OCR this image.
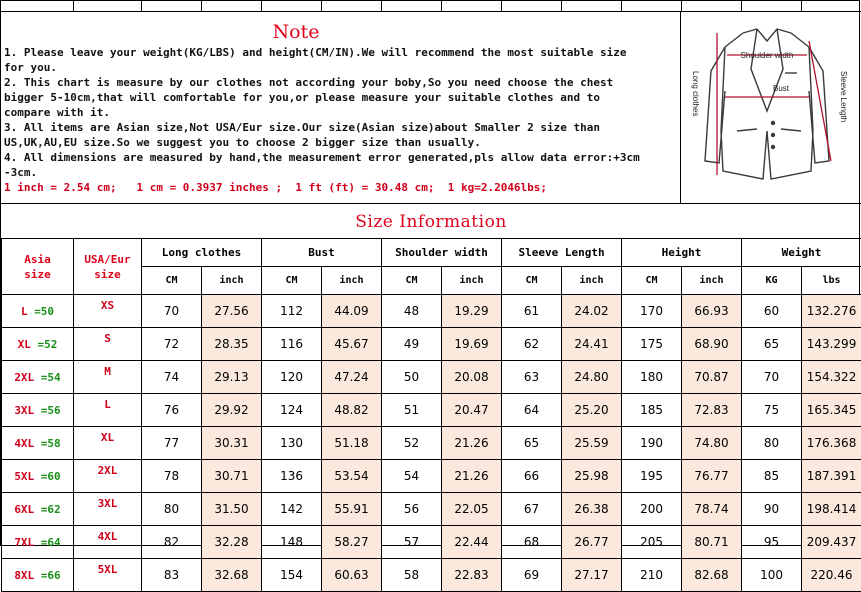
Note
1. Please leave your weight(KG/LBS) and height(CM/IN).We will recommend the most suitable size
for you.
2. This chart is measure by our clothes not according your boby,So you need choose the chest
bigger 5-10cm,that will comfortable for you,or please measure your suitable clothes and to
compare with it.
3. All items are Asian size,Not USA/Eur size.Our size(Asian size)about Smaller 2 size than
US,UK,AU,EU size.So we suggest you to choose 2 bigger size than usually.
4. All dimensions are measured by hand,the measurement error generated,pls allow data error:+3cm
-3cm.
1 inch = 2.54 cm;   1 cm = 0.3937 inches ;  1 ft (ft) = 30.48 cm;  1 kg=2.2046lbs;
Shoulder width
Bust
Long clothes	Sleeve Length
Size Information
Asia size	USA/Eur size	Long clothes		Bust		Shoulder width		Sleeve Length		Height		Weight	
		CM	inch	CM	inch	CM	inch	CM	inch	CM	inch	KG	lbs
L =50	XS	70	27.56	112	44.09	48	19.29	61	24.02	170	66.93	60	132.276
XL =52	S	72	28.35	116	45.67	49	19.69	62	24.41	175	68.90	65	143.299
2XL =54	M	74	29.13	120	47.24	50	20.08	63	24.80	180	70.87	70	154.322
3XL =56	L	76	29.92	124	48.82	51	20.47	64	25.20	185	72.83	75	165.345
4XL =58	XL	77	30.31	130	51.18	52	21.26	65	25.59	190	74.80	80	176.368
5XL =60	2XL	78	30.71	136	53.54	54	21.26	66	25.98	195	76.77	85	187.391
6XL =62	3XL	80	31.50	142	55.91	56	22.05	67	26.38	200	78.74	90	198.414
7XL =64	4XL	82	32.28	148	58.27	57	22.44	68	26.77	205	80.71	95	209.437
8XL =66	5XL	83	32.68	154	60.63	58	22.83	69	27.17	210	82.68	100	220.46
